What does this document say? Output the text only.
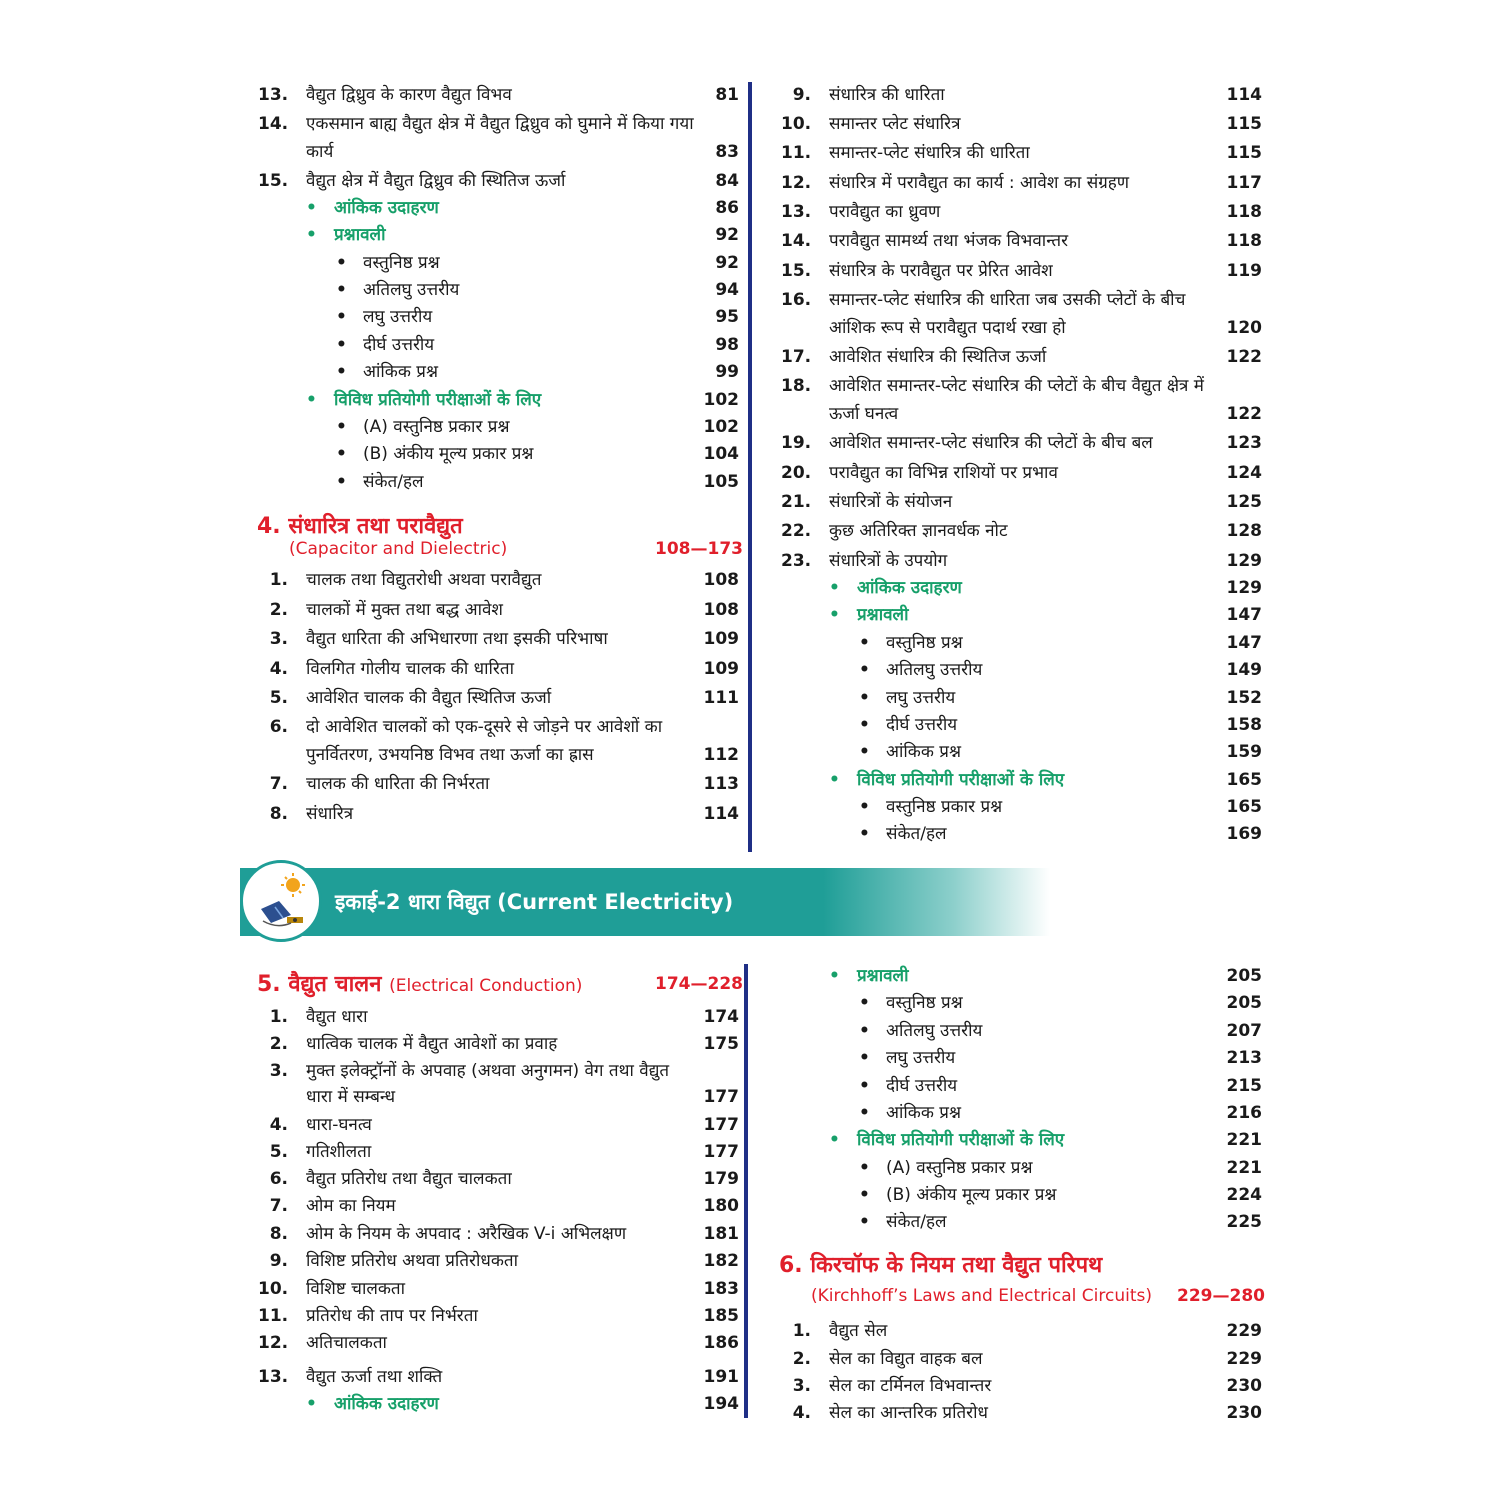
13. वैद्युत द्विध्रुव के कारण वैद्युत विभव	81
14. एकसमान बाह्य वैद्युत क्षेत्र में वैद्युत द्विध्रुव को घुमाने में किया गया
कार्य	83
15. वैद्युत क्षेत्र में वैद्युत द्विध्रुव की स्थितिज ऊर्जा	84
• आंकिक उदाहरण	86
• प्रश्नावली	92
• वस्तुनिष्ठ प्रश्न	92
• अतिलघु उत्तरीय	94
• लघु उत्तरीय	95
• दीर्घ उत्तरीय	98
• आंकिक प्रश्न	99
• विविध प्रतियोगी परीक्षाओं के लिए	102
• (A) वस्तुनिष्ठ प्रकार प्रश्न	102
• (B) अंकीय मूल्य प्रकार प्रश्न	104
• संकेत/हल	105
4. संधारित्र तथा परावैद्युत
(Capacitor and Dielectric)	108—173
1. चालक तथा विद्युतरोधी अथवा परावैद्युत	108
2. चालकों में मुक्त तथा बद्ध आवेश	108
3. वैद्युत धारिता की अभिधारणा तथा इसकी परिभाषा	109
4. विलगित गोलीय चालक की धारिता	109
5. आवेशित चालक की वैद्युत स्थितिज ऊर्जा	111
6. दो आवेशित चालकों को एक-दूसरे से जोड़ने पर आवेशों का
पुनर्वितरण, उभयनिष्ठ विभव तथा ऊर्जा का ह्रास	112
7. चालक की धारिता की निर्भरता	113
8. संधारित्र	114
9. संधारित्र की धारिता	114
10. समान्तर प्लेट संधारित्र	115
11. समान्तर-प्लेट संधारित्र की धारिता	115
12. संधारित्र में परावैद्युत का कार्य : आवेश का संग्रहण	117
13. परावैद्युत का ध्रुवण	118
14. परावैद्युत सामर्थ्य तथा भंजक विभवान्तर	118
15. संधारित्र के परावैद्युत पर प्रेरित आवेश	119
16. समान्तर-प्लेट संधारित्र की धारिता जब उसकी प्लेटों के बीच
आंशिक रूप से परावैद्युत पदार्थ रखा हो	120
17. आवेशित संधारित्र की स्थितिज ऊर्जा	122
18. आवेशित समान्तर-प्लेट संधारित्र की प्लेटों के बीच वैद्युत क्षेत्र में
ऊर्जा घनत्व	122
19. आवेशित समान्तर-प्लेट संधारित्र की प्लेटों के बीच बल	123
20. परावैद्युत का विभिन्न राशियों पर प्रभाव	124
21. संधारित्रों के संयोजन	125
22. कुछ अतिरिक्त ज्ञानवर्धक नोट	128
23. संधारित्रों के उपयोग	129
• आंकिक उदाहरण	129
• प्रश्नावली	147
• वस्तुनिष्ठ प्रश्न	147
• अतिलघु उत्तरीय	149
• लघु उत्तरीय	152
• दीर्घ उत्तरीय	158
• आंकिक प्रश्न	159
• विविध प्रतियोगी परीक्षाओं के लिए	165
• वस्तुनिष्ठ प्रकार प्रश्न	165
• संकेत/हल	169
इकाई-2 धारा विद्युत (Current Electricity)
5. वैद्युत चालन (Electrical Conduction)	174—228
1. वैद्युत धारा	174
2. धात्विक चालक में वैद्युत आवेशों का प्रवाह	175
3. मुक्त इलेक्ट्रॉनों के अपवाह (अथवा अनुगमन) वेग तथा वैद्युत
धारा में सम्बन्ध	177
4. धारा-घनत्व	177
5. गतिशीलता	177
6. वैद्युत प्रतिरोध तथा वैद्युत चालकता	179
7. ओम का नियम	180
8. ओम के नियम के अपवाद : अरैखिक V-i अभिलक्षण	181
9. विशिष्ट प्रतिरोध अथवा प्रतिरोधकता	182
10. विशिष्ट चालकता	183
11. प्रतिरोध की ताप पर निर्भरता	185
12. अतिचालकता	186
13. वैद्युत ऊर्जा तथा शक्ति	191
• आंकिक उदाहरण	194
• प्रश्नावली	205
• वस्तुनिष्ठ प्रश्न	205
• अतिलघु उत्तरीय	207
• लघु उत्तरीय	213
• दीर्घ उत्तरीय	215
• आंकिक प्रश्न	216
• विविध प्रतियोगी परीक्षाओं के लिए	221
• (A) वस्तुनिष्ठ प्रकार प्रश्न	221
• (B) अंकीय मूल्य प्रकार प्रश्न	224
• संकेत/हल	225
6. किरचॉफ के नियम तथा वैद्युत परिपथ
(Kirchhoff’s Laws and Electrical Circuits) 229—280
1. वैद्युत सेल	229
2. सेल का विद्युत वाहक बल	229
3. सेल का टर्मिनल विभवान्तर	230
4. सेल का आन्तरिक प्रतिरोध	230
